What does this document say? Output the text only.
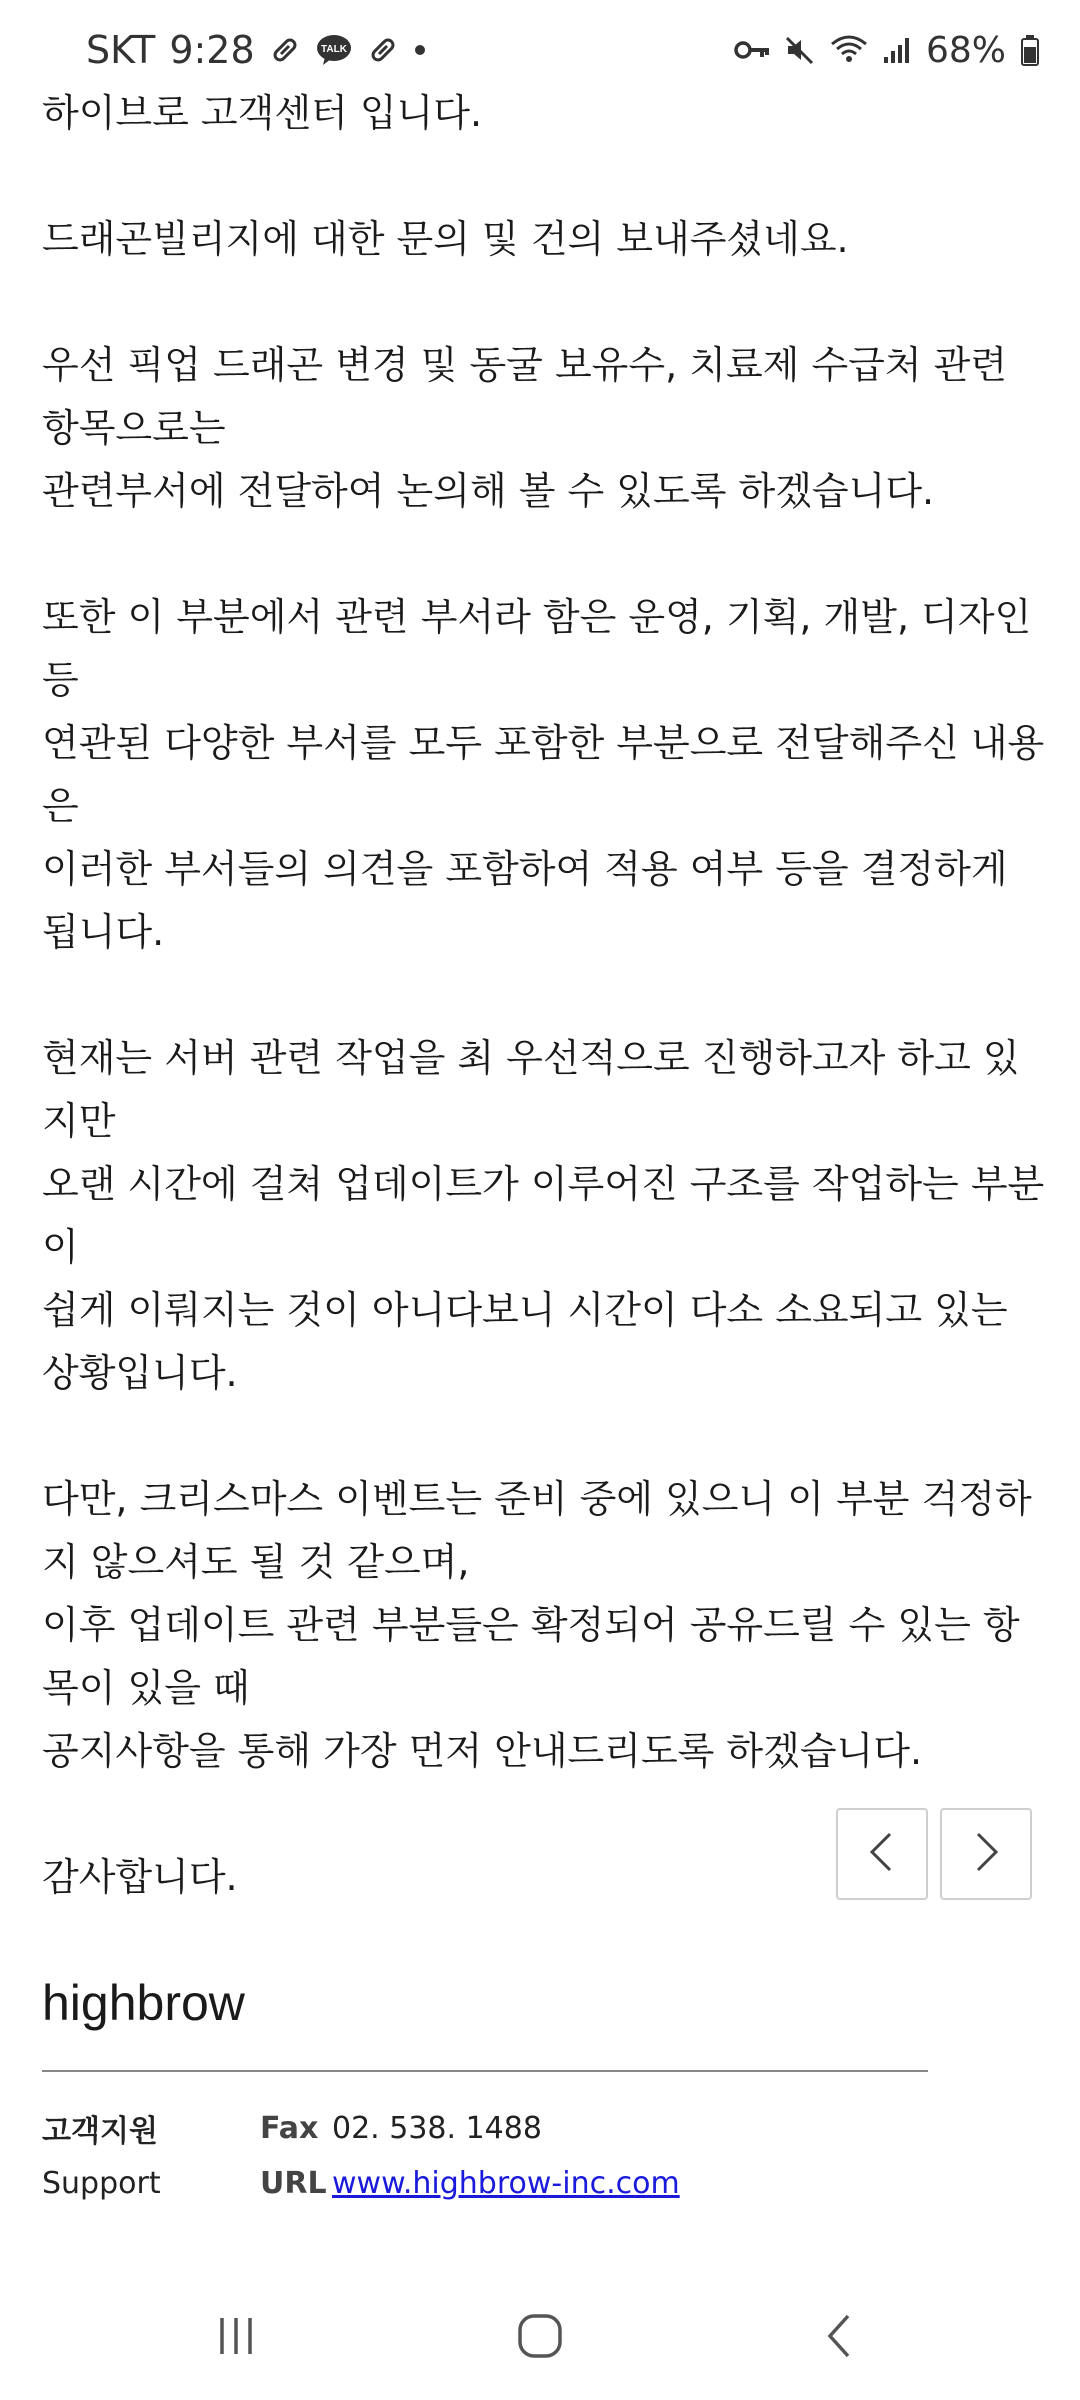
SKT 9:28	TALK	68%

하이브로 고객센터 입니다.

드래곤빌리지에 대한 문의 및 건의 보내주셨네요.

우선 픽업 드래곤 변경 및 동굴 보유수, 치료제 수급처 관련 항목으로는
관련부서에 전달하여 논의해 볼 수 있도록 하겠습니다.

또한 이 부분에서 관련 부서라 함은 운영, 기획, 개발, 디자인 등
연관된 다양한 부서를 모두 포함한 부분으로 전달해주신 내용은
이러한 부서들의 의견을 포함하여 적용 여부 등을 결정하게 됩니다.

현재는 서버 관련 작업을 최 우선적으로 진행하고자 하고 있지만
오랜 시간에 걸쳐 업데이트가 이루어진 구조를 작업하는 부분이
쉽게 이뤄지는 것이 아니다보니 시간이 다소 소요되고 있는 상황입니다.

다만, 크리스마스 이벤트는 준비 중에 있으니 이 부분 걱정하지 않으셔도 될 것 같으며,
이후 업데이트 관련 부분들은 확정되어 공유드릴 수 있는 항목이 있을 때
공지사항을 통해 가장 먼저 안내드리도록 하겠습니다.

감사합니다.

highbrow
고객지원	Fax 02. 538. 1488
Support	URL www.highbrow-inc.com
